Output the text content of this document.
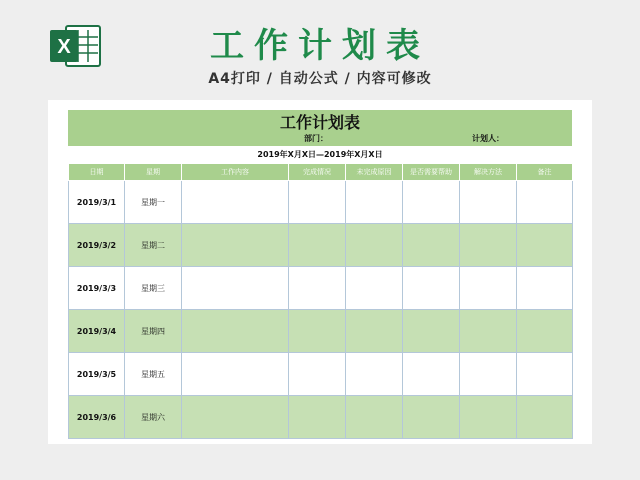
X	工作计划表
A4打印 / 自动公式 / 内容可修改
工作计划表
部门：	计划人：
2019年X月X日—2019年X月X日
日期	星期	工作内容	完成情况	未完成原因	是否需要帮助	解决方法	备注
2019/3/1	星期一						
2019/3/2	星期二						
2019/3/3	星期三						
2019/3/4	星期四						
2019/3/5	星期五						
2019/3/6	星期六						
